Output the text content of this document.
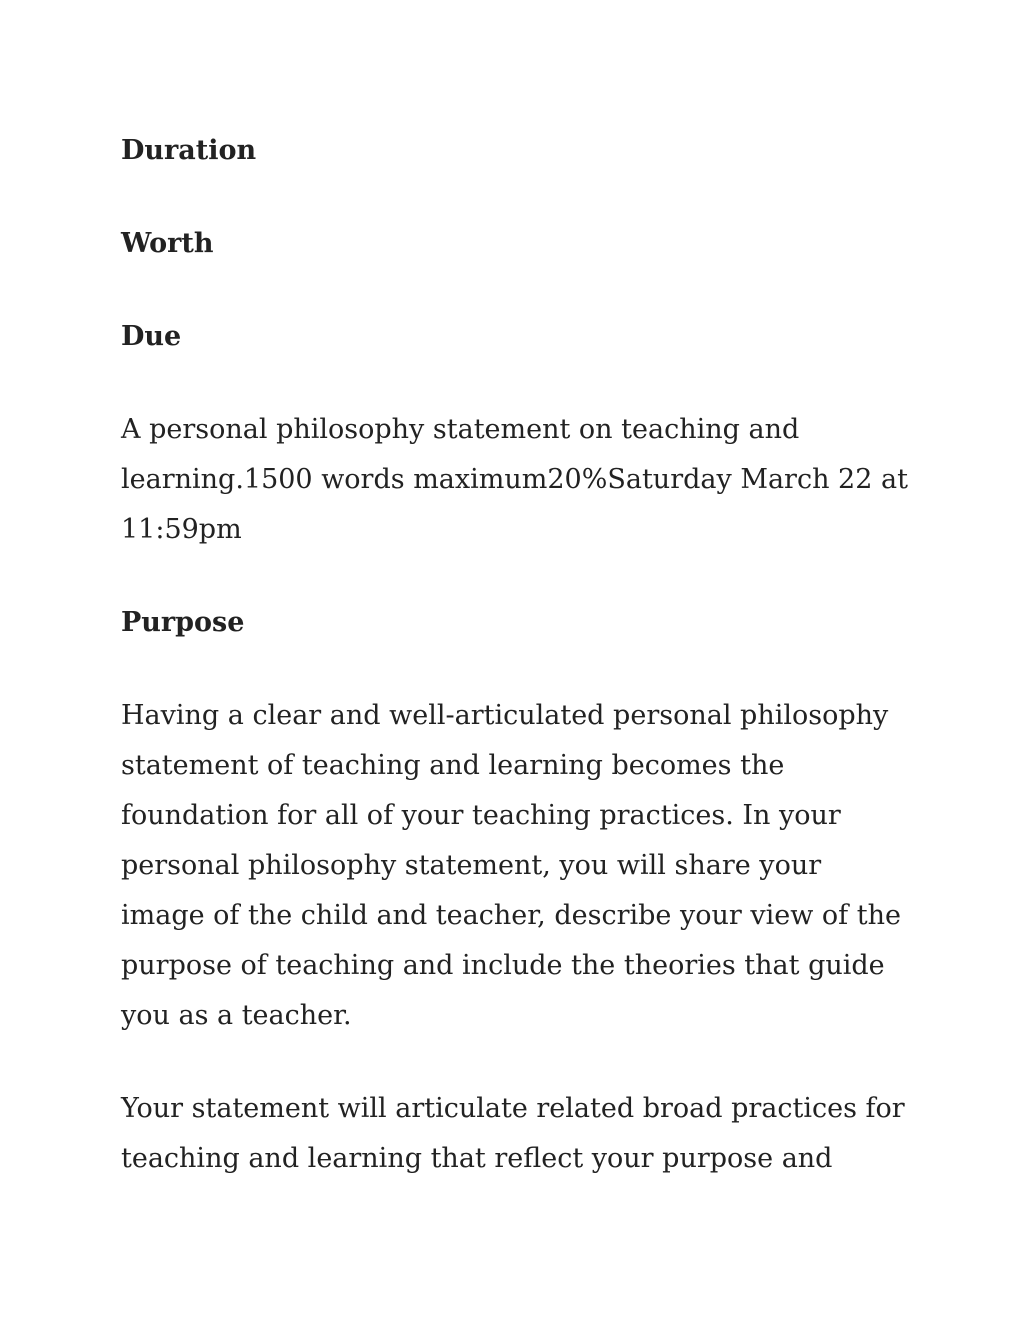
Duration
Worth
Due
A personal philosophy statement on teaching and learning.1500 words maximum20%Saturday March 22 at 11:59pm
Purpose
Having a clear and well-articulated personal philosophy statement of teaching and learning becomes the foundation for all of your teaching practices. In your personal philosophy statement, you will share your image of the child and teacher, describe your view of the purpose of teaching and include the theories that guide you as a teacher.
Your statement will articulate related broad practices for teaching and learning that reflect your purpose and
